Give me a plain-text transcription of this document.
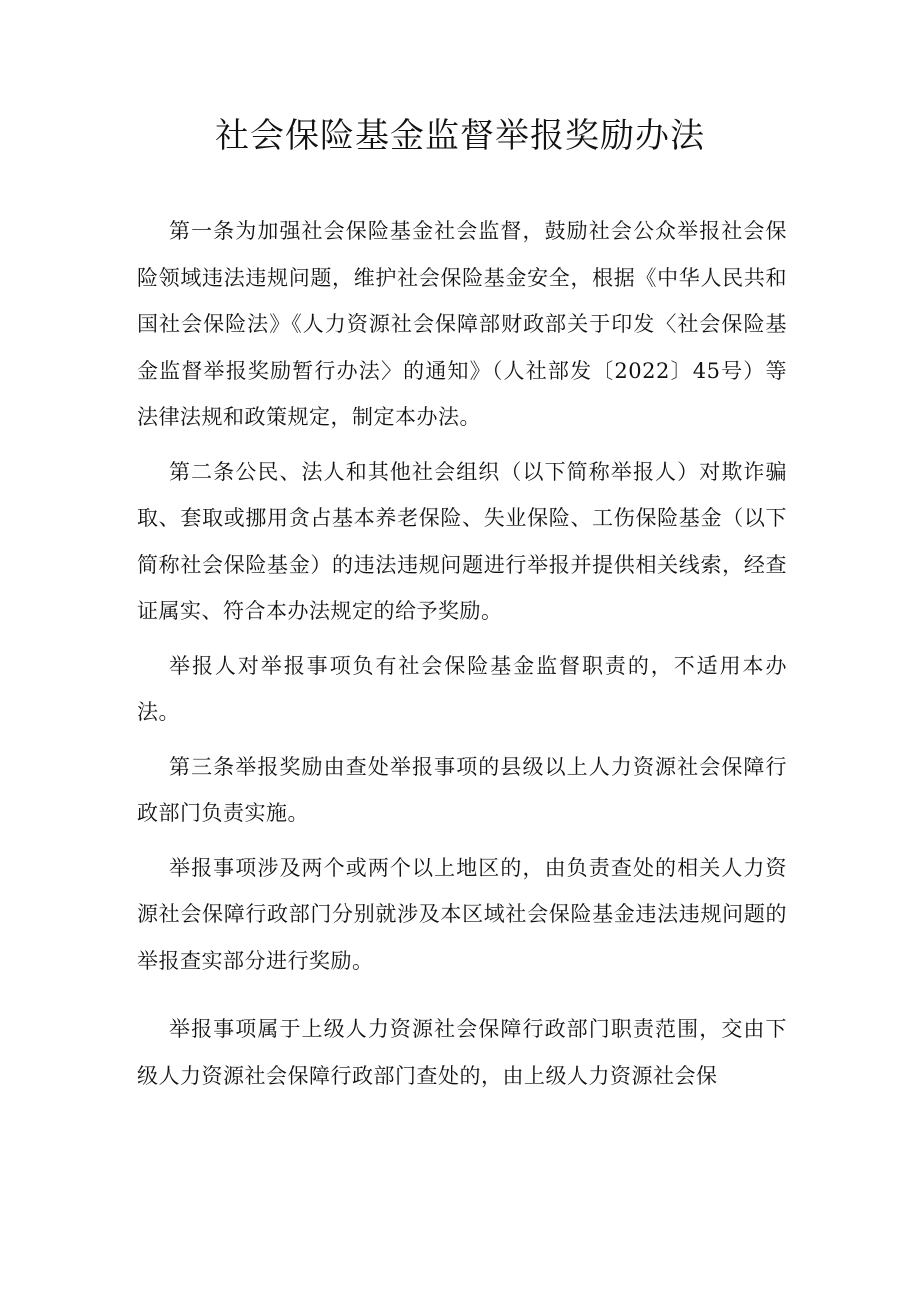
社会保险基金监督举报奖励办法

第一条为加强社会保险基金社会监督，鼓励社会公众举报社会保险领域违法违规问题，维护社会保险基金安全，根据《中华人民共和国社会保险法》《人力资源社会保障部财政部关于印发〈社会保险基金监督举报奖励暂行办法〉的通知》（人社部发〔2022〕45号）等法律法规和政策规定，制定本办法。

第二条公民、法人和其他社会组织（以下简称举报人）对欺诈骗取、套取或挪用贪占基本养老保险、失业保险、工伤保险基金（以下简称社会保险基金）的违法违规问题进行举报并提供相关线索，经查证属实、符合本办法规定的给予奖励。

举报人对举报事项负有社会保险基金监督职责的，不适用本办法。

第三条举报奖励由查处举报事项的县级以上人力资源社会保障行政部门负责实施。

举报事项涉及两个或两个以上地区的，由负责查处的相关人力资源社会保障行政部门分别就涉及本区域社会保险基金违法违规问题的举报查实部分进行奖励。

举报事项属于上级人力资源社会保障行政部门职责范围，交由下级人力资源社会保障行政部门查处的，由上级人力资源社会保
